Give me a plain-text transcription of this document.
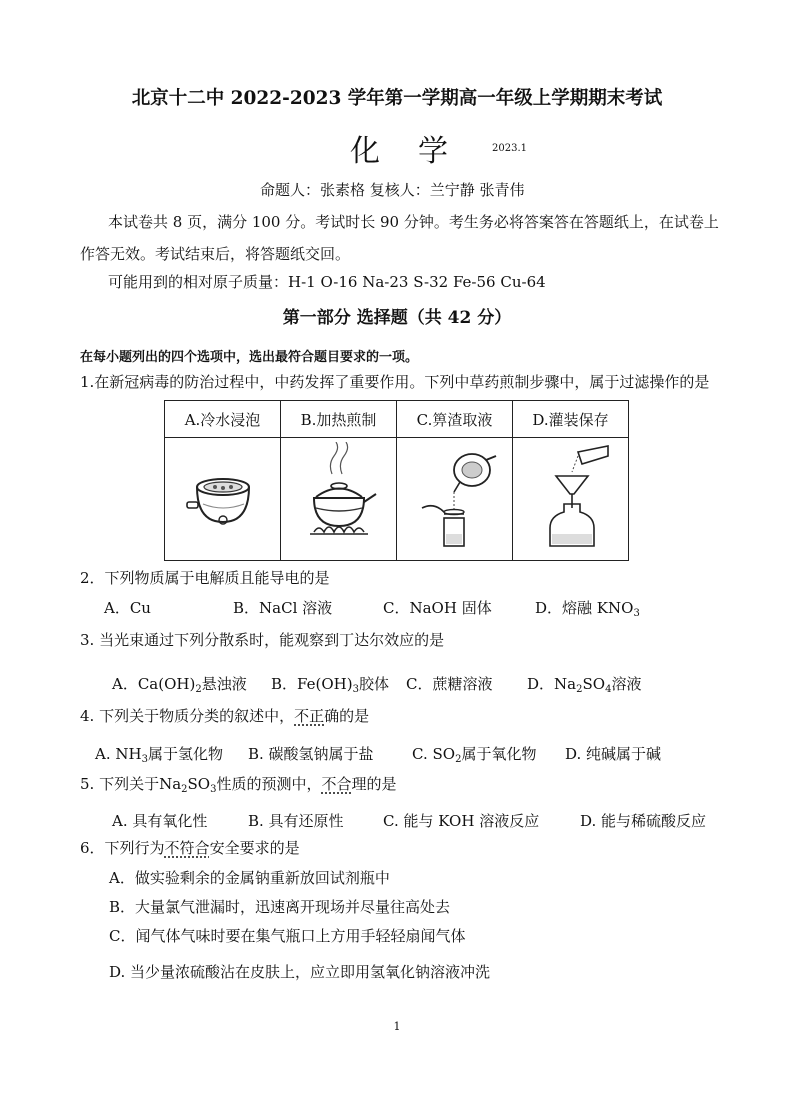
北京十二中 2022-2023 学年第一学期高一年级上学期期末考试
化学 2023.1
命题人：张素格 复核人：兰宁静 张青伟
本试卷共 8 页，满分 100 分。考试时长 90 分钟。考生务必将答案答在答题纸上，在试卷上
作答无效。考试结束后，将答题纸交回。
可能用到的相对原子质量：H-1 O-16 Na-23 S-32 Fe-56 Cu-64
第一部分 选择题（共 42 分）
在每小题列出的四个选项中，选出最符合题目要求的一项。
1.在新冠病毒的防治过程中，中药发挥了重要作用。下列中草药煎制步骤中，属于过滤操作的是
A.冷水浸泡	B.加热煎制	C.箅渣取液	D.灌装保存

2．下列物质属于电解质且能导电的是
A．Cu	B．NaCl 溶液	C．NaOH 固体	D．熔融 $KNO_3$
3. 当光束通过下列分散系时，能观察到丁达尔效应的是
A．$Ca(OH)_2$悬浊液 B．$Fe(OH)_3$胶体 C．蔗糖溶液 D．$Na_2SO_4$溶液
4. 下列关于物质分类的叙述中，不正确的是
A. $NH_3$属于氢化物 B. 碳酸氢钠属于盐	C. $SO_2$属于氧化物 D. 纯碱属于碱
5. 下列关于$Na_2SO_3$性质的预测中，不合理的是
A. 具有氧化性	B. 具有还原性	C. 能与 KOH 溶液反应	D. 能与稀硫酸反应
6．下列行为不符合安全要求的是
A．做实验剩余的金属钠重新放回试剂瓶中
B．大量氯气泄漏时，迅速离开现场并尽量往高处去
C．闻气体气味时要在集气瓶口上方用手轻轻扇闻气体
D. 当少量浓硫酸沾在皮肤上，应立即用氢氧化钠溶液冲洗
1
